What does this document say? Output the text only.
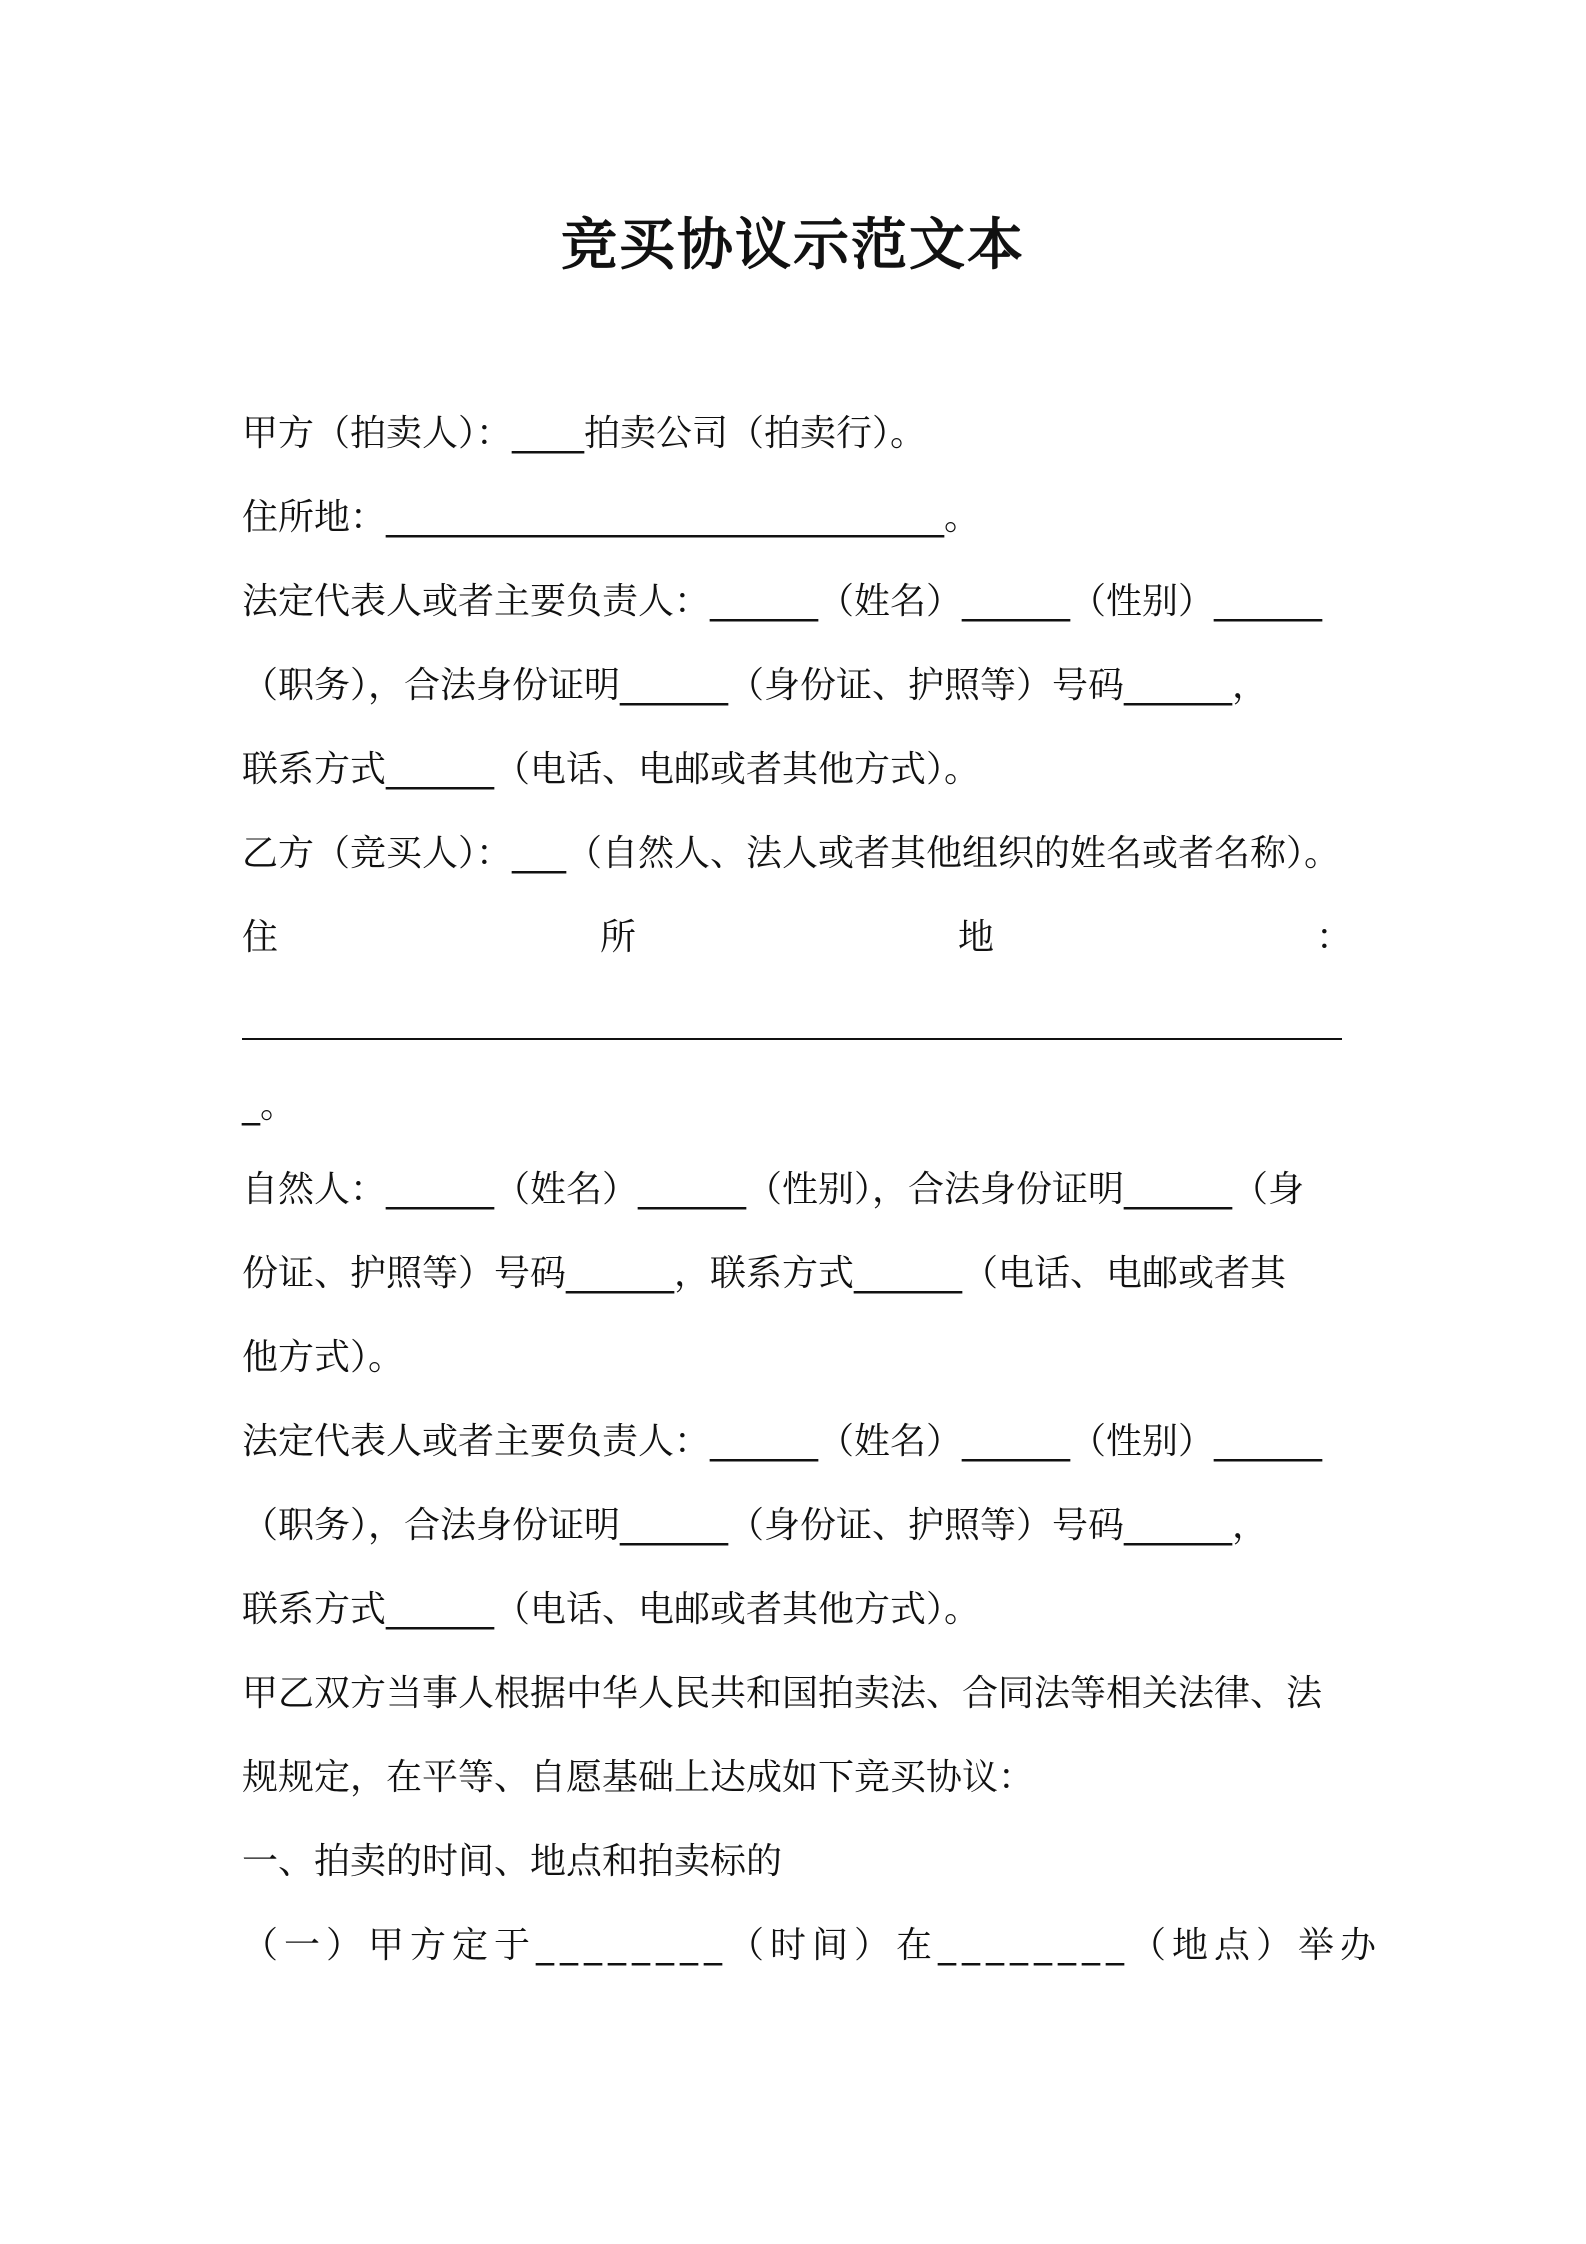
竞买协议示范文本
甲方（拍卖人）：____拍卖公司（拍卖行）。
住所地：_______________________________。
法定代表人或者主要负责人：______（姓名）______（性别）______
（职务），合法身份证明______（身份证、护照等）号码______，
联系方式______（电话、电邮或者其他方式）。
乙方（竞买人）：___（自然人、法人或者其他组织的姓名或者名称）。
住	所	地	：
_。
自然人：______（姓名）______（性别），合法身份证明______（身
份证、护照等）号码______，联系方式______（电话、电邮或者其
他方式）。
法定代表人或者主要负责人：______（姓名）______（性别）______
（职务），合法身份证明______（身份证、护照等）号码______，
联系方式______（电话、电邮或者其他方式）。
甲乙双方当事人根据中华人民共和国拍卖法、合同法等相关法律、法
规规定，在平等、自愿基础上达成如下竞买协议：
一、拍卖的时间、地点和拍卖标的
（一）甲方定于________（时间）在________（地点）举办
